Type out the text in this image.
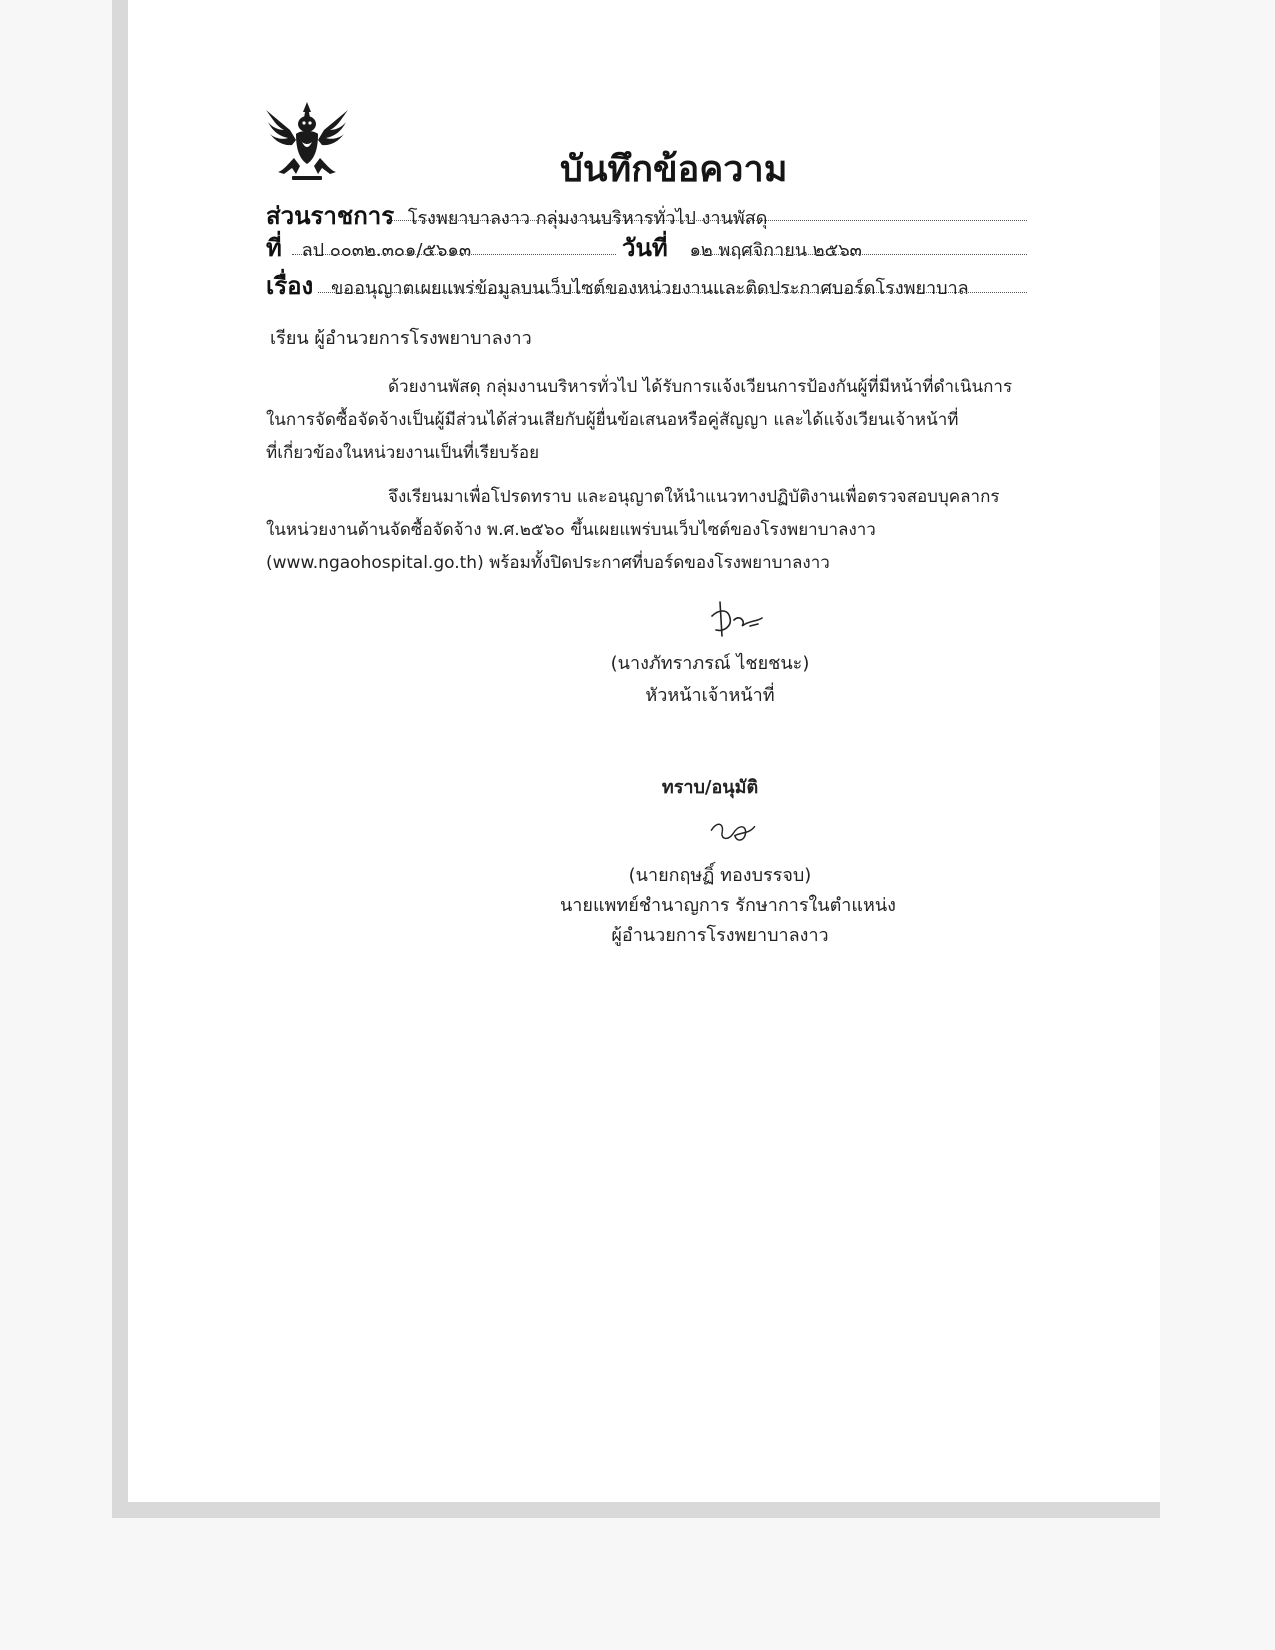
บันทึกข้อความ
ส่วนราชการ โรงพยาบาลงาว กลุ่มงานบริหารทั่วไป งานพัสดุ
ที่ ลป ๐๐๓๒.๓๐๑/๕๖๑๓	วันที่ ๑๒ พฤศจิกายน ๒๕๖๓
เรื่อง ขออนุญาตเผยแพร่ข้อมูลบนเว็บไซต์ของหน่วยงานและติดประกาศบอร์ดโรงพยาบาล
เรียน ผู้อำนวยการโรงพยาบาลงาว
ด้วยงานพัสดุ กลุ่มงานบริหารทั่วไป ได้รับการแจ้งเวียนการป้องกันผู้ที่มีหน้าที่ดำเนินการ
ในการจัดซื้อจัดจ้างเป็นผู้มีส่วนได้ส่วนเสียกับผู้ยื่นข้อเสนอหรือคู่สัญญา และได้แจ้งเวียนเจ้าหน้าที่
ที่เกี่ยวข้องในหน่วยงานเป็นที่เรียบร้อย
จึงเรียนมาเพื่อโปรดทราบ และอนุญาตให้นำแนวทางปฏิบัติงานเพื่อตรวจสอบบุคลากร
ในหน่วยงานด้านจัดซื้อจัดจ้าง พ.ศ.๒๕๖๐ ขึ้นเผยแพร่บนเว็บไซต์ของโรงพยาบาลงาว
(www.ngaohospital.go.th) พร้อมทั้งปิดประกาศที่บอร์ดของโรงพยาบาลงาว
(นางภัทราภรณ์ ไชยชนะ)
หัวหน้าเจ้าหน้าที่
ทราบ/อนุมัติ
(นายกฤษฏิ์ ทองบรรจบ)
นายแพทย์ชำนาญการ รักษาการในตำแหน่ง
ผู้อำนวยการโรงพยาบาลงาว
